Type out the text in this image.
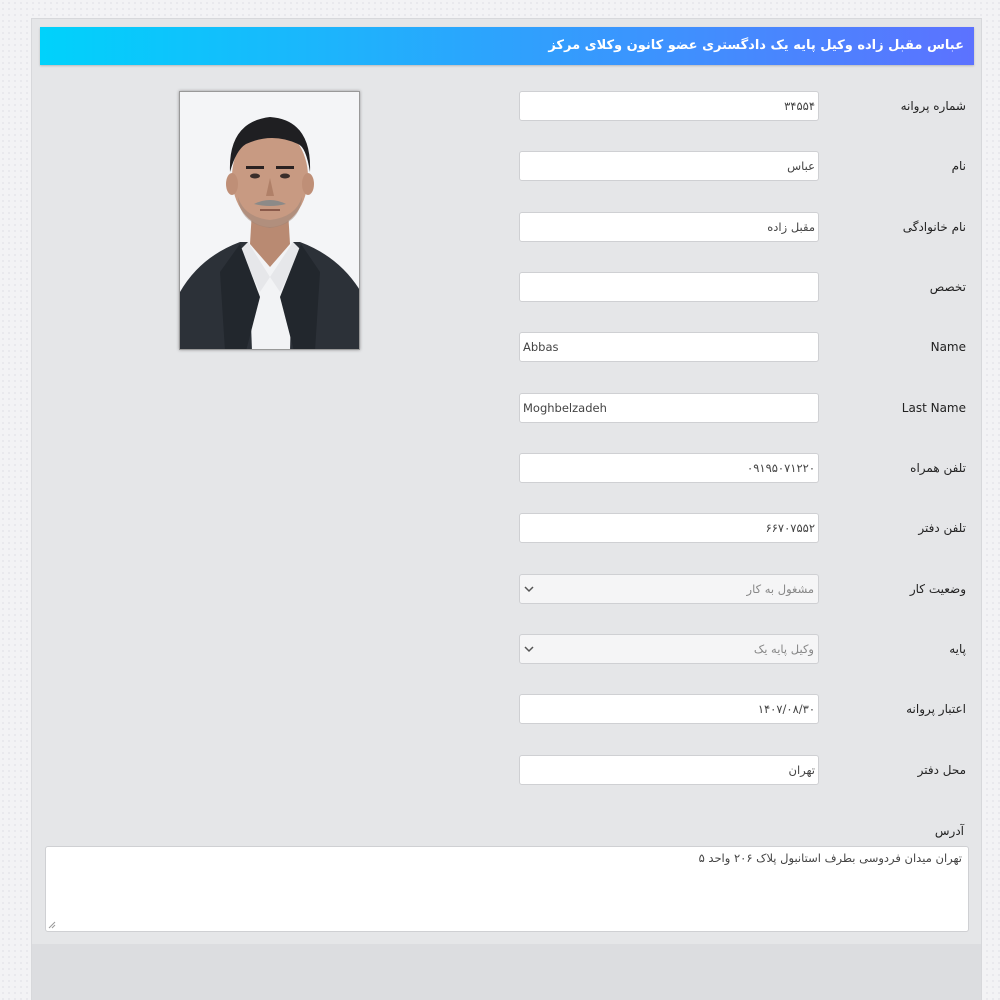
عباس مقبل زاده وکیل پایه یک دادگستری عضو کانون وکلای مرکز
شماره پروانه
۳۴۵۵۴
نام
عباس
نام خانوادگی
مقبل زاده
تخصص
Name
Abbas
Last Name
Moghbelzadeh
تلفن همراه
۰۹۱۹۵۰۷۱۲۲۰
تلفن دفتر
۶۶۷۰۷۵۵۲
وضعیت کار
مشغول به کار
پایه
وکیل پایه یک
اعتبار پروانه
۱۴۰۷/۰۸/۳۰
محل دفتر
تهران
آدرس
تهران میدان فردوسی بطرف استانبول پلاک ۲۰۶ واحد ۵
